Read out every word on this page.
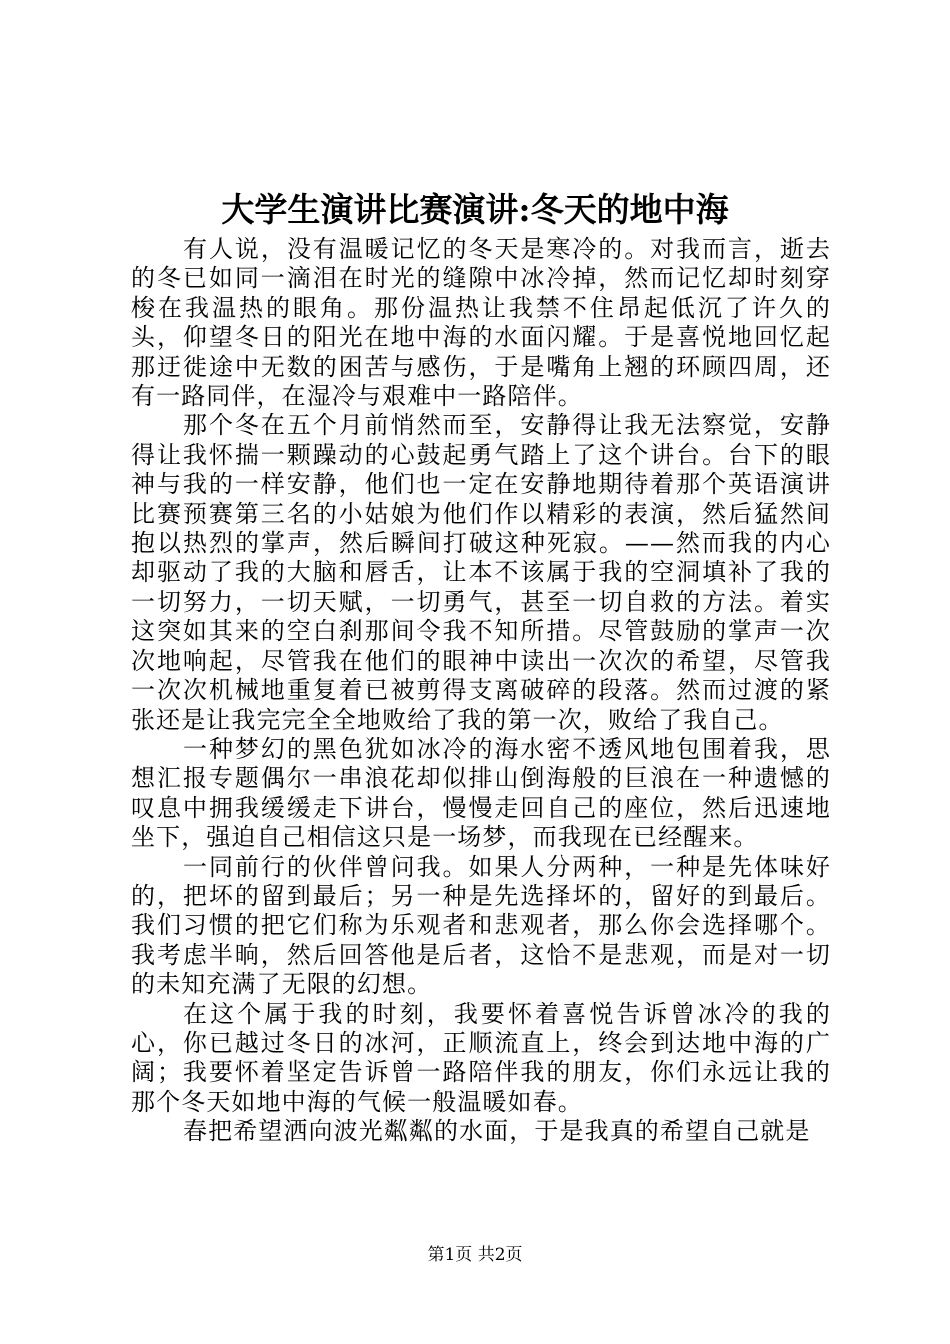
大学生演讲比赛演讲:冬天的地中海

有人说，没有温暖记忆的冬天是寒冷的。对我而言，逝去的冬已如同一滴泪在时光的缝隙中冰冷掉，然而记忆却时刻穿梭在我温热的眼角。那份温热让我禁不住昂起低沉了许久的头，仰望冬日的阳光在地中海的水面闪耀。于是喜悦地回忆起那迂徙途中无数的困苦与感伤，于是嘴角上翘的环顾四周，还有一路同伴，在湿冷与艰难中一路陪伴。

那个冬在五个月前悄然而至，安静得让我无法察觉，安静得让我怀揣一颗躁动的心鼓起勇气踏上了这个讲台。台下的眼神与我的一样安静，他们也一定在安静地期待着那个英语演讲比赛预赛第三名的小姑娘为他们作以精彩的表演，然后猛然间抱以热烈的掌声，然后瞬间打破这种死寂。——然而我的内心却驱动了我的大脑和唇舌，让本不该属于我的空洞填补了我的一切努力，一切天赋，一切勇气，甚至一切自救的方法。着实这突如其来的空白刹那间令我不知所措。尽管鼓励的掌声一次次地响起，尽管我在他们的眼神中读出一次次的希望，尽管我一次次机械地重复着已被剪得支离破碎的段落。然而过渡的紧张还是让我完完全全地败给了我的第一次，败给了我自己。

一种梦幻的黑色犹如冰冷的海水密不透风地包围着我，思想汇报专题偶尔一串浪花却似排山倒海般的巨浪在一种遗憾的叹息中拥我缓缓走下讲台，慢慢走回自己的座位，然后迅速地坐下，强迫自己相信这只是一场梦，而我现在已经醒来。

一同前行的伙伴曾问我。如果人分两种，一种是先体味好的，把坏的留到最后；另一种是先选择坏的，留好的到最后。我们习惯的把它们称为乐观者和悲观者，那么你会选择哪个。我考虑半晌，然后回答他是后者，这恰不是悲观，而是对一切的未知充满了无限的幻想。

在这个属于我的时刻，我要怀着喜悦告诉曾冰冷的我的心，你已越过冬日的冰河，正顺流直上，终会到达地中海的广阔；我要怀着坚定告诉曾一路陪伴我的朋友，你们永远让我的那个冬天如地中海的气候一般温暖如春。

春把希望洒向波光粼粼的水面，于是我真的希望自己就是

第1页 共2页
